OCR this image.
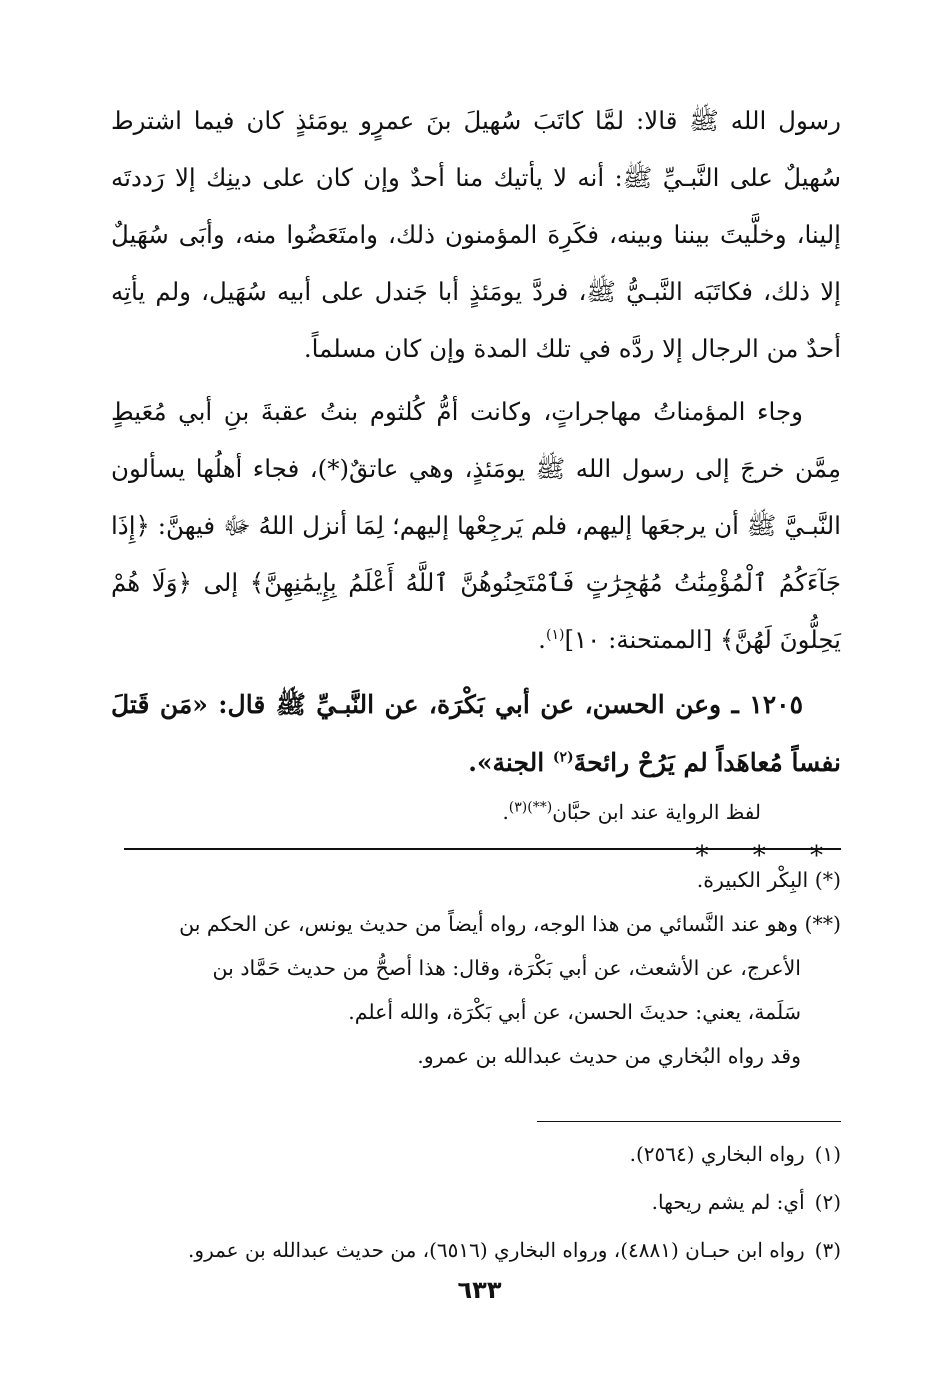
رسول الله ﷺ قالا: لمَّا كاتَبَ سُهيلَ بنَ عمرٍو يومَئذٍ كان فيما اشترط سُهيلٌ على النَّبـيِّ ﷺ: أنه لا يأتيك منا أحدٌ وإن كان على دينِك إلا رَددتَه إلينا، وخلَّيتَ بيننا وبينه، فكَرِهَ المؤمنون ذلك، وامتَعَضُوا منه، وأبَى سُهَيلٌ إلا ذلك، فكاتَبَه النَّبـيُّ ﷺ، فردَّ يومَئذٍ أبا جَندل على أبيه سُهَيل، ولم يأتِه أحدٌ من الرجال إلا ردَّه في تلك المدة وإن كان مسلماً.

وجاء المؤمناتُ مهاجراتٍ، وكانت أمُّ كُلثوم بنتُ عقبةَ بنِ أبي مُعَيطٍ مِمَّن خرجَ إلى رسول الله ﷺ يومَئذٍ، وهي عاتقٌ(*)، فجاء أهلُها يسألون النَّبـيَّ ﷺ أن يرجعَها إليهم، فلم يَرجِعْها إليهم؛ لِمَا أنزل اللهُ ﷻ فيهنَّ: ﴿إِذَا جَآءَكُمُ ٱلْمُؤْمِنَٰتُ مُهَٰجِرَٰتٍ فَٱمْتَحِنُوهُنَّ ٱللَّهُ أَعْلَمُ بِإِيمَٰنِهِنَّ﴾ إلى ﴿وَلَا هُمْ يَحِلُّونَ لَهُنَّ﴾ [الممتحنة: ١٠]$^{(١)}$.

١٢٠٥ ـ وعن الحسن، عن أبي بَكْرَة، عن النَّبـيِّ ﷺ قال: «مَن قَتلَ نفساً مُعاهَداً لم يَرُحْ رائحةَ$^{(٢)}$ الجنة».

لفظ الرواية عند ابن حبَّان$^{(**)(٣)}$.

* * *

(*) البِكْر الكبيرة.

(**) وهو عند النَّسائي من هذا الوجه، رواه أيضاً من حديث يونس، عن الحكم بن

الأعرج، عن الأشعث، عن أبي بَكْرَة، وقال: هذا أصحُّ من حديث حَمَّاد بن

سَلَمة، يعني: حديثَ الحسن، عن أبي بَكْرَة، والله أعلم.

وقد رواه البُخاري من حديث عبدالله بن عمرو.

(١)رواه البخاري (٢٥٦٤).

(٢)أي: لم يشم ريحها.

(٣)رواه ابن حبـان (٤٨٨١)، ورواه البخاري (٦٥١٦)، من حديث عبدالله بن عمرو.

٦٣٣
